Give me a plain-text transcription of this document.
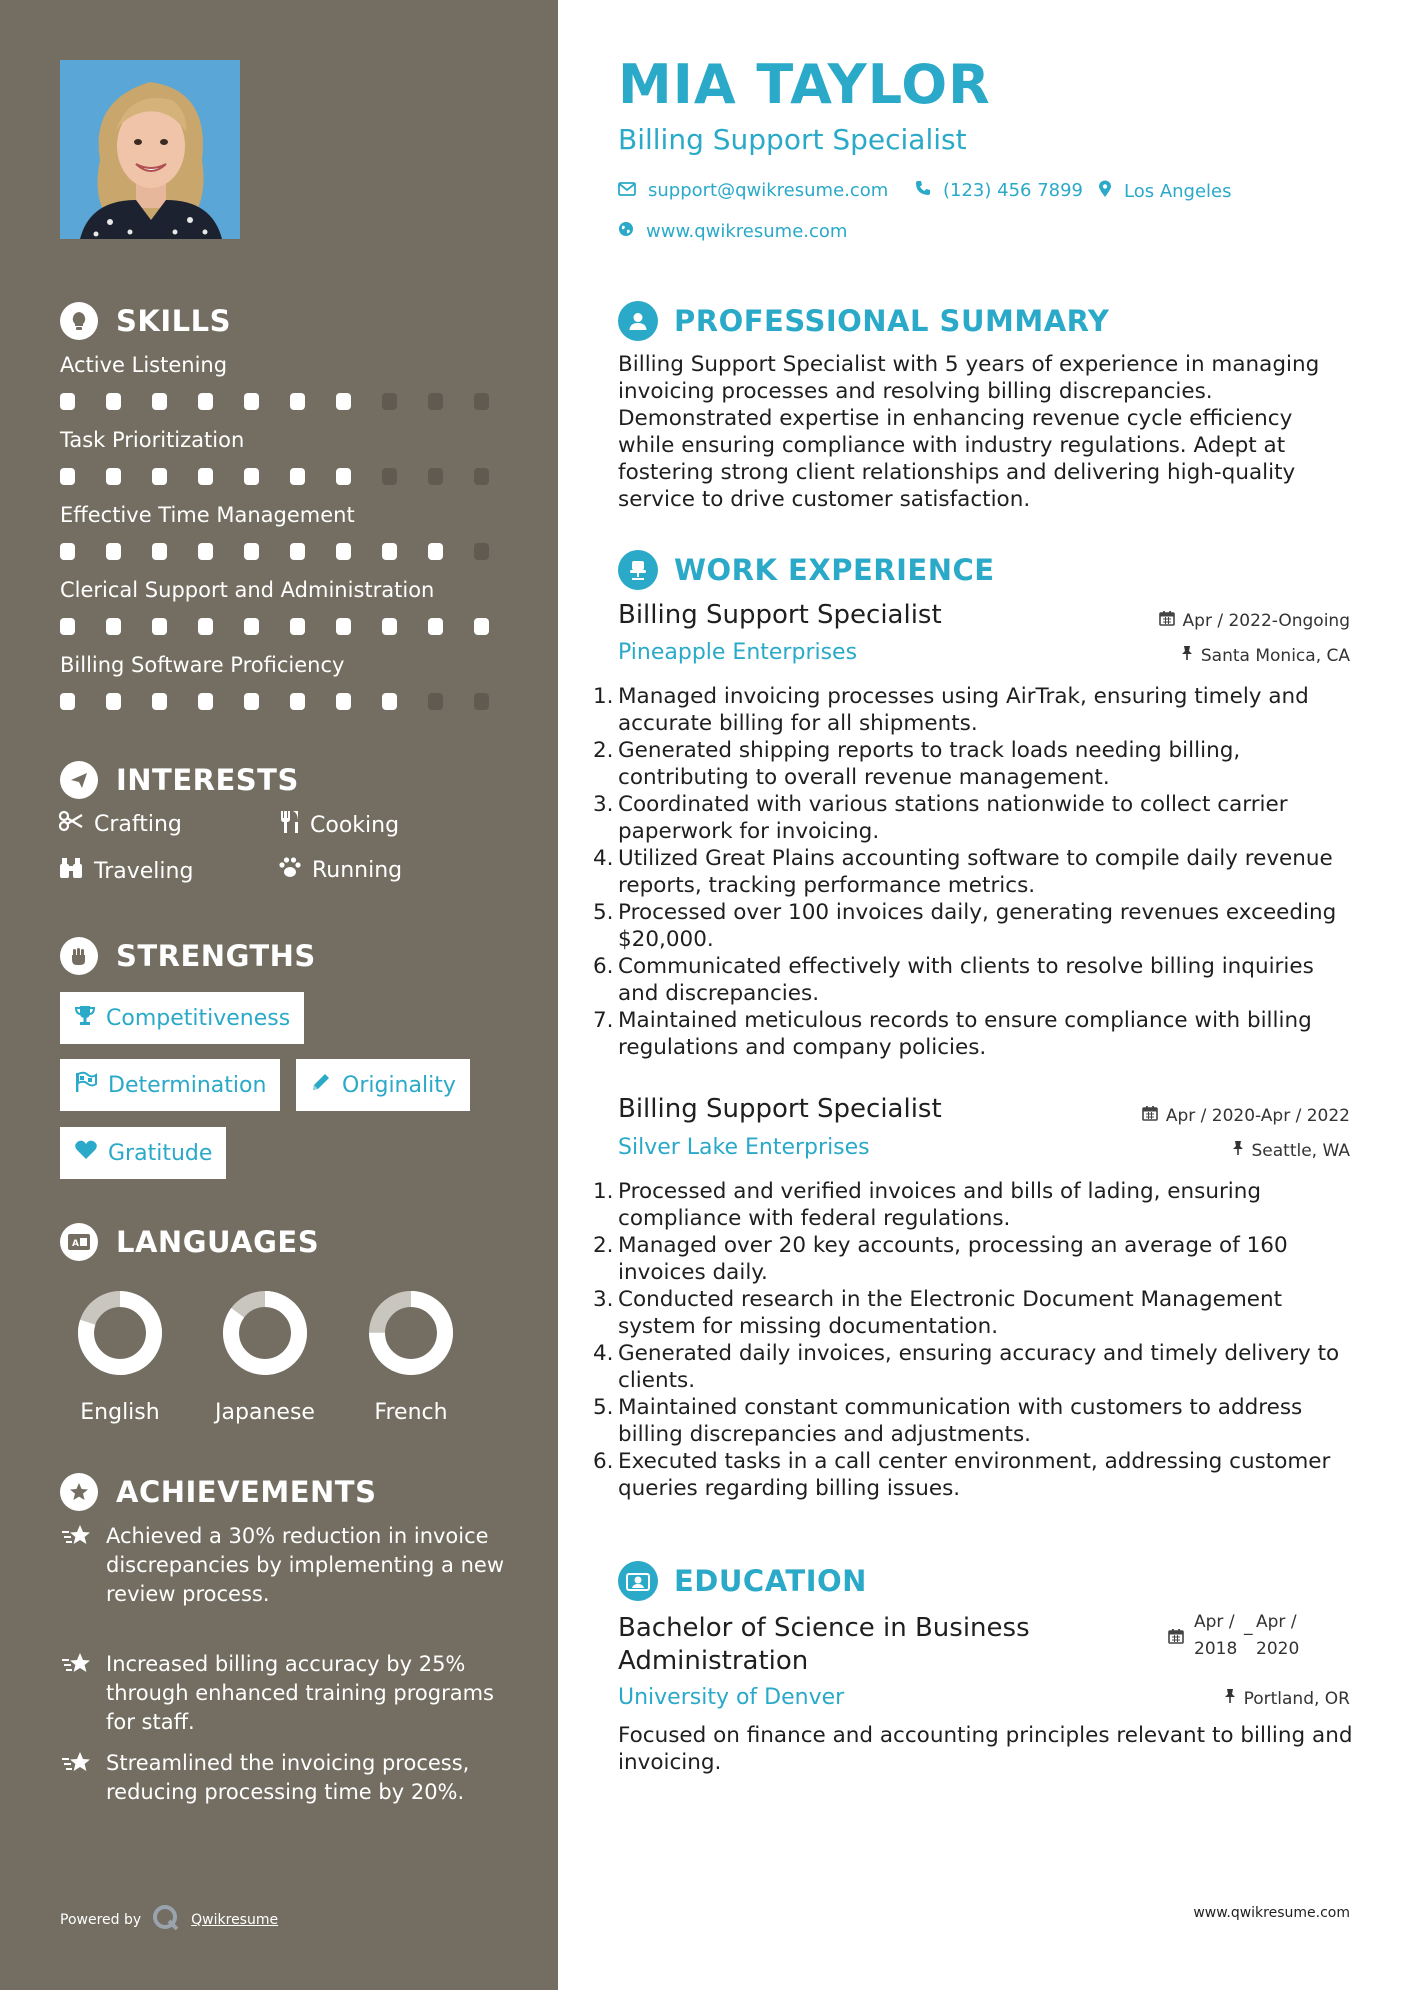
SKILLS
Active Listening
Task Prioritization
Effective Time Management
Clerical Support and Administration
Billing Software Proficiency
INTERESTS
Crafting	Cooking
Traveling	Running
STRENGTHS
Competitiveness
Determination	Originality
Gratitude
A LANGUAGES
English	Japanese	French
ACHIEVEMENTS
Achieved a 30% reduction in invoice discrepancies by implementing a new review process.
Increased billing accuracy by 25% through enhanced training programs for staff.
Streamlined the invoicing process, reducing processing time by 20%.
Powered by	Qwikresume
MIA TAYLOR
Billing Support Specialist
support@qwikresume.com	(123) 456 7899 Los Angeles
www.qwikresume.com
PROFESSIONAL SUMMARY
Billing Support Specialist with 5 years of experience in managing invoicing processes and resolving billing discrepancies. Demonstrated expertise in enhancing revenue cycle efficiency while ensuring compliance with industry regulations. Adept at fostering strong client relationships and delivering high-quality service to drive customer satisfaction.
WORK EXPERIENCE
Billing Support Specialist	Apr / 2022-Ongoing
Pineapple Enterprises	Santa Monica, CA
1. Managed invoicing processes using AirTrak, ensuring timely and accurate billing for all shipments.
2. Generated shipping reports to track loads needing billing, contributing to overall revenue management.
3. Coordinated with various stations nationwide to collect carrier paperwork for invoicing.
4. Utilized Great Plains accounting software to compile daily revenue reports, tracking performance metrics.
5. Processed over 100 invoices daily, generating revenues exceeding $20,000.
6. Communicated effectively with clients to resolve billing inquiries and discrepancies.
7. Maintained meticulous records to ensure compliance with billing regulations and company policies.
Billing Support Specialist	Apr / 2020-Apr / 2022
Silver Lake Enterprises	Seattle, WA
1. Processed and verified invoices and bills of lading, ensuring compliance with federal regulations.
2. Managed over 20 key accounts, processing an average of 160 invoices daily.
3. Conducted research in the Electronic Document Management system for missing documentation.
4. Generated daily invoices, ensuring accuracy and timely delivery to clients.
5. Maintained constant communication with customers to address billing discrepancies and adjustments.
6. Executed tasks in a call center environment, addressing customer queries regarding billing issues.
EDUCATION
Bachelor of Science in Business
Administration
Apr /
2018
_ Apr /
2020
University of Denver	Portland, OR
Focused on finance and accounting principles relevant to billing and invoicing.
www.qwikresume.com
